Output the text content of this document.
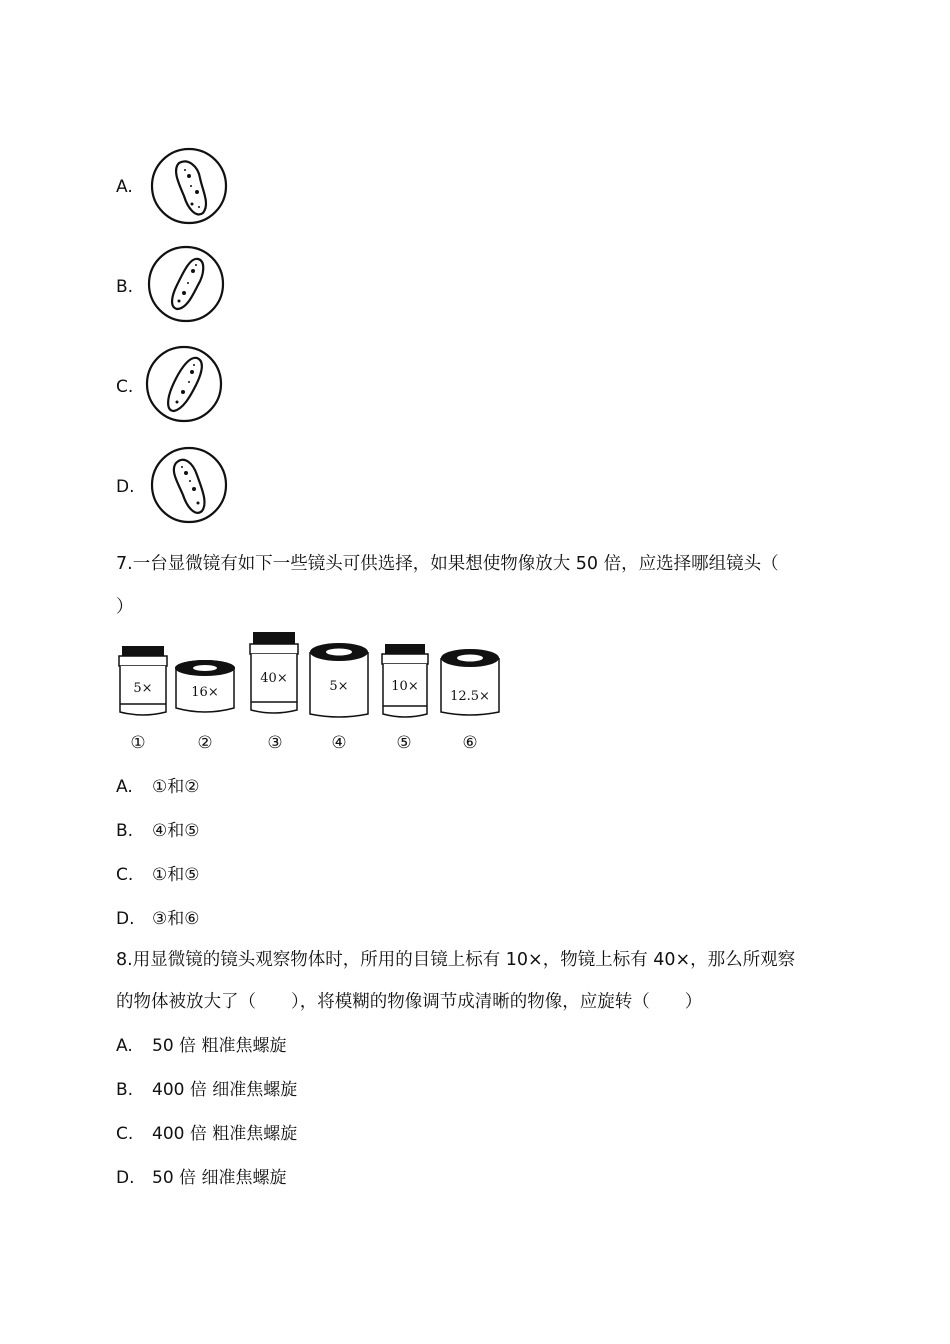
A.
B.
C.
D.
7.一台显微镜有如下一些镜头可供选择，如果想使物像放大 50 倍，应选择哪组镜头（
）
5×
①
16×
②
40×
③
5×
④
10×
⑤
12.5×
⑥
A. ①和②
B. ④和⑤
C. ①和⑤
D. ③和⑥
8.用显微镜的镜头观察物体时，所用的目镜上标有 10×，物镜上标有 40×，那么所观察
的物体被放大了（　　），将模糊的物像调节成清晰的物像，应旋转（　　）
A. 50 倍 粗准焦螺旋
B. 400 倍 细准焦螺旋
C. 400 倍 粗准焦螺旋
D. 50 倍 细准焦螺旋
